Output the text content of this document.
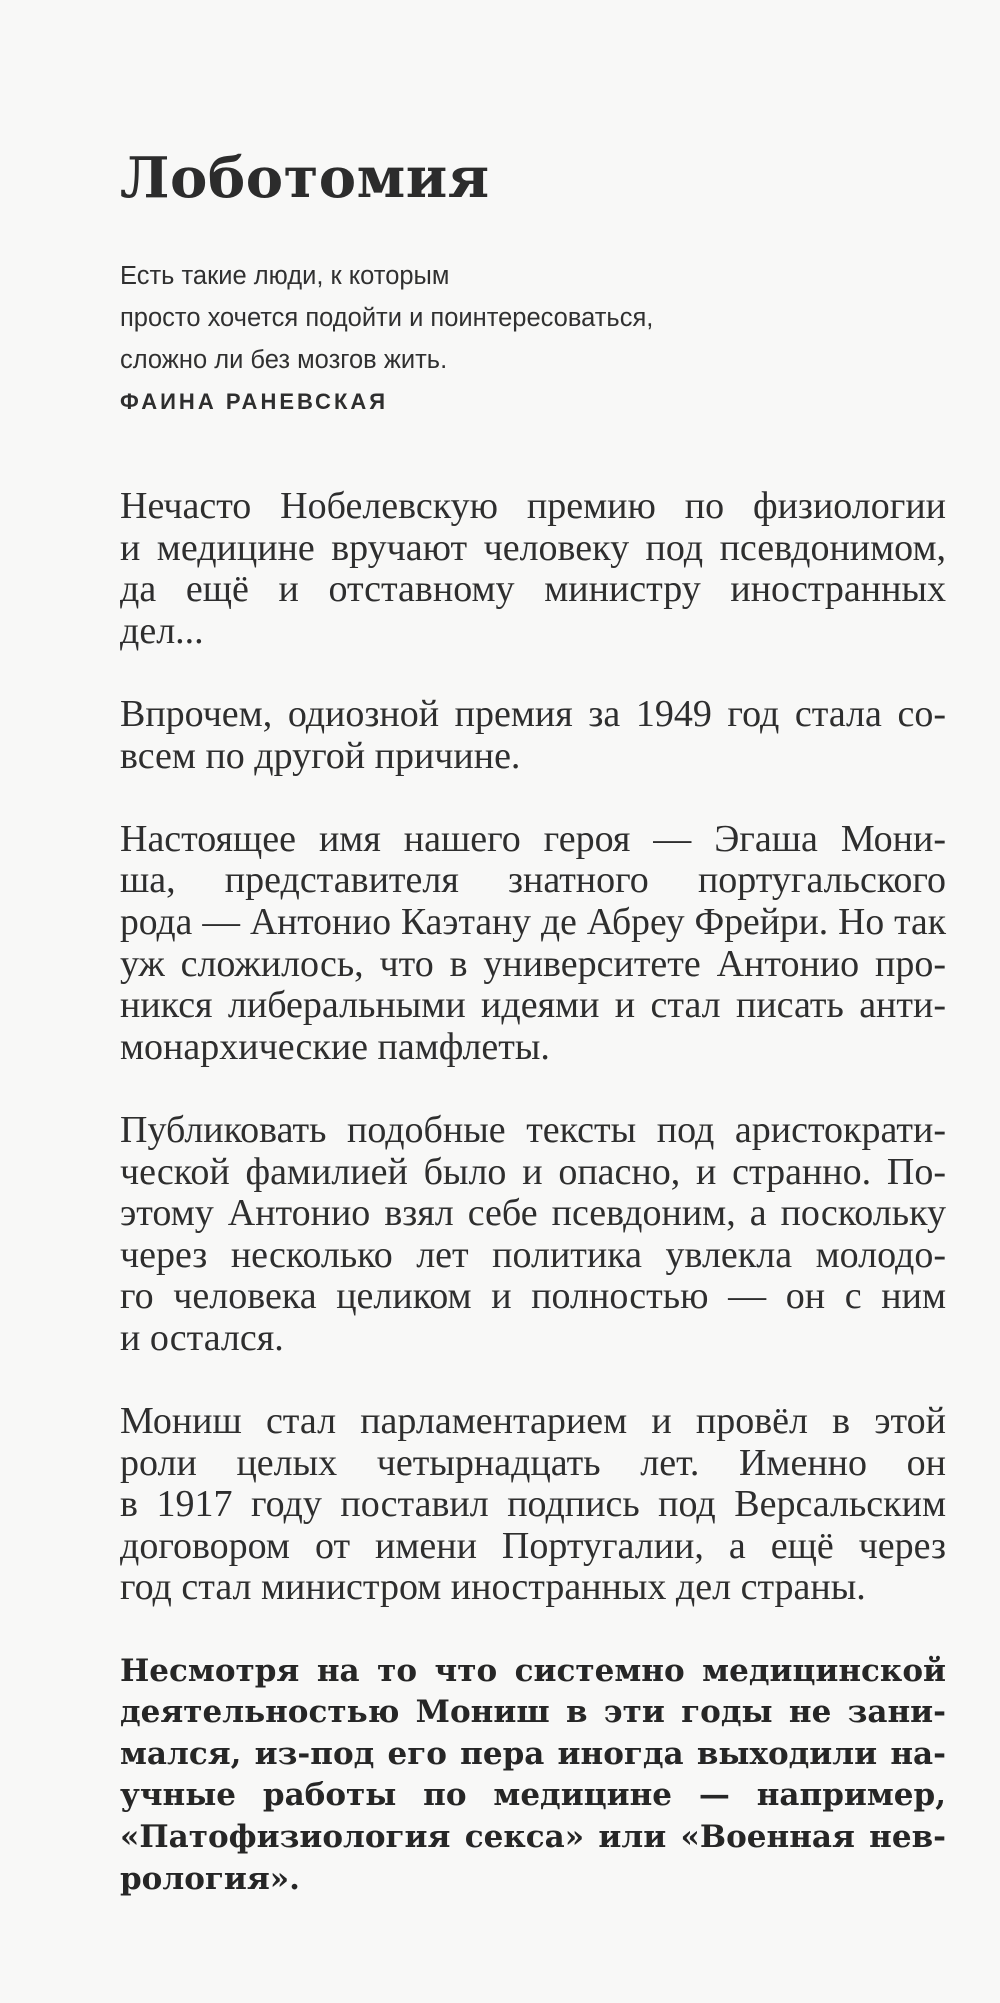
Лоботомия
Есть такие люди, к которым
просто хочется подойти и поинтересоваться,
сложно ли без мозгов жить.
ФАИНА РАНЕВСКАЯ

Нечасто Нобелевскую премию по физиологии
и медицине вручают человеку под псевдонимом,
да ещё и отставному министру иностранных
дел...

Впрочем, одиозной премия за 1949 год стала со-
всем по другой причине.

Настоящее имя нашего героя — Эгаша Мони-
ша, представителя знатного португальского
рода — Антонио Каэтану де Абреу Фрейри. Но так
уж сложилось, что в университете Антонио про-
никся либеральными идеями и стал писать анти-
монархические памфлеты.

Публиковать подобные тексты под аристократи-
ческой фамилией было и опасно, и странно. По-
этому Антонио взял себе псевдоним, а поскольку
через несколько лет политика увлекла молодо-
го человека целиком и полностью — он с ним
и остался.

Мониш стал парламентарием и провёл в этой
роли целых четырнадцать лет. Именно он
в 1917 году поставил подпись под Версальским
договором от имени Португалии, а ещё через
год стал министром иностранных дел страны.

Несмотря на то что системно медицинской
деятельностью Мониш в эти годы не зани-
мался, из-под его пера иногда выходили на-
учные работы по медицине — например,
«Патофизиология секса» или «Военная нев-
рология».
